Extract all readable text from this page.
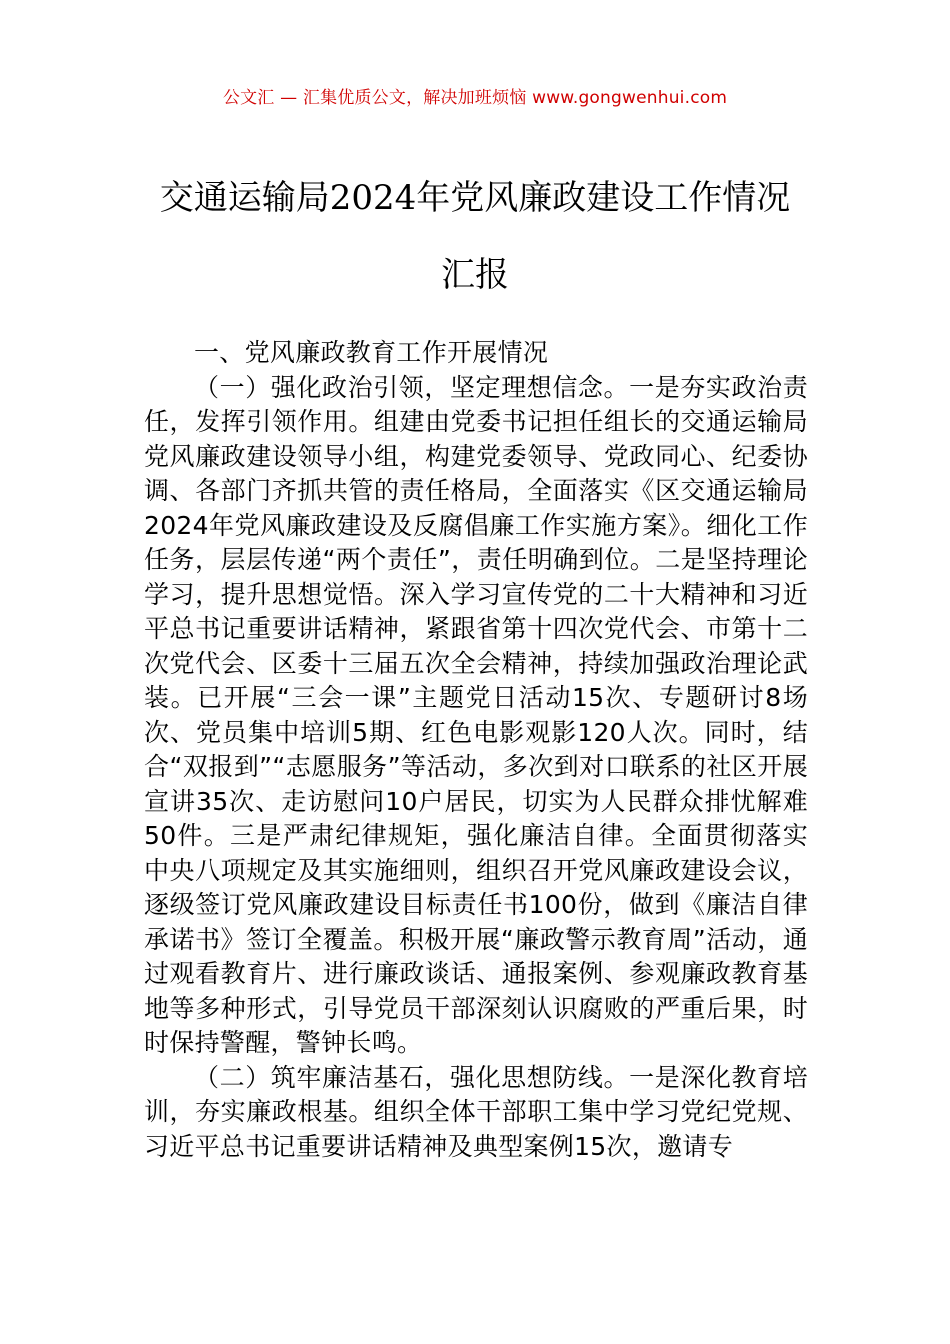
公文汇 — 汇集优质公文，解决加班烦恼 www.gongwenhui.com
交通运输局2024年党风廉政建设工作情况
汇报
一、党风廉政教育工作开展情况

（一）强化政治引领，坚定理想信念。一是夯实政治责任，发挥引领作用。组建由党委书记担任组长的交通运输局党风廉政建设领导小组，构建党委领导、党政同心、纪委协调、各部门齐抓共管的责任格局，全面落实《区交通运输局2024年党风廉政建设及反腐倡廉工作实施方案》。细化工作任务，层层传递“两个责任”，责任明确到位。二是坚持理论学习，提升思想觉悟。深入学习宣传党的二十大精神和习近平总书记重要讲话精神，紧跟省第十四次党代会、市第十二次党代会、区委十三届五次全会精神，持续加强政治理论武装。已开展“三会一课”主题党日活动15次、专题研讨8场次、党员集中培训5期、红色电影观影120人次。同时，结合“双报到”“志愿服务”等活动，多次到对口联系的社区开展宣讲35次、走访慰问10户居民，切实为人民群众排忧解难50件。三是严肃纪律规矩，强化廉洁自律。全面贯彻落实中央八项规定及其实施细则，组织召开党风廉政建设会议，逐级签订党风廉政建设目标责任书100份，做到《廉洁自律承诺书》签订全覆盖。积极开展“廉政警示教育周”活动，通过观看教育片、进行廉政谈话、通报案例、参观廉政教育基地等多种形式，引导党员干部深刻认识腐败的严重后果，时时保持警醒，警钟长鸣。

（二）筑牢廉洁基石，强化思想防线。一是深化教育培训，夯实廉政根基。组织全体干部职工集中学习党纪党规、习近平总书记重要讲话精神及典型案例15次，邀请专
